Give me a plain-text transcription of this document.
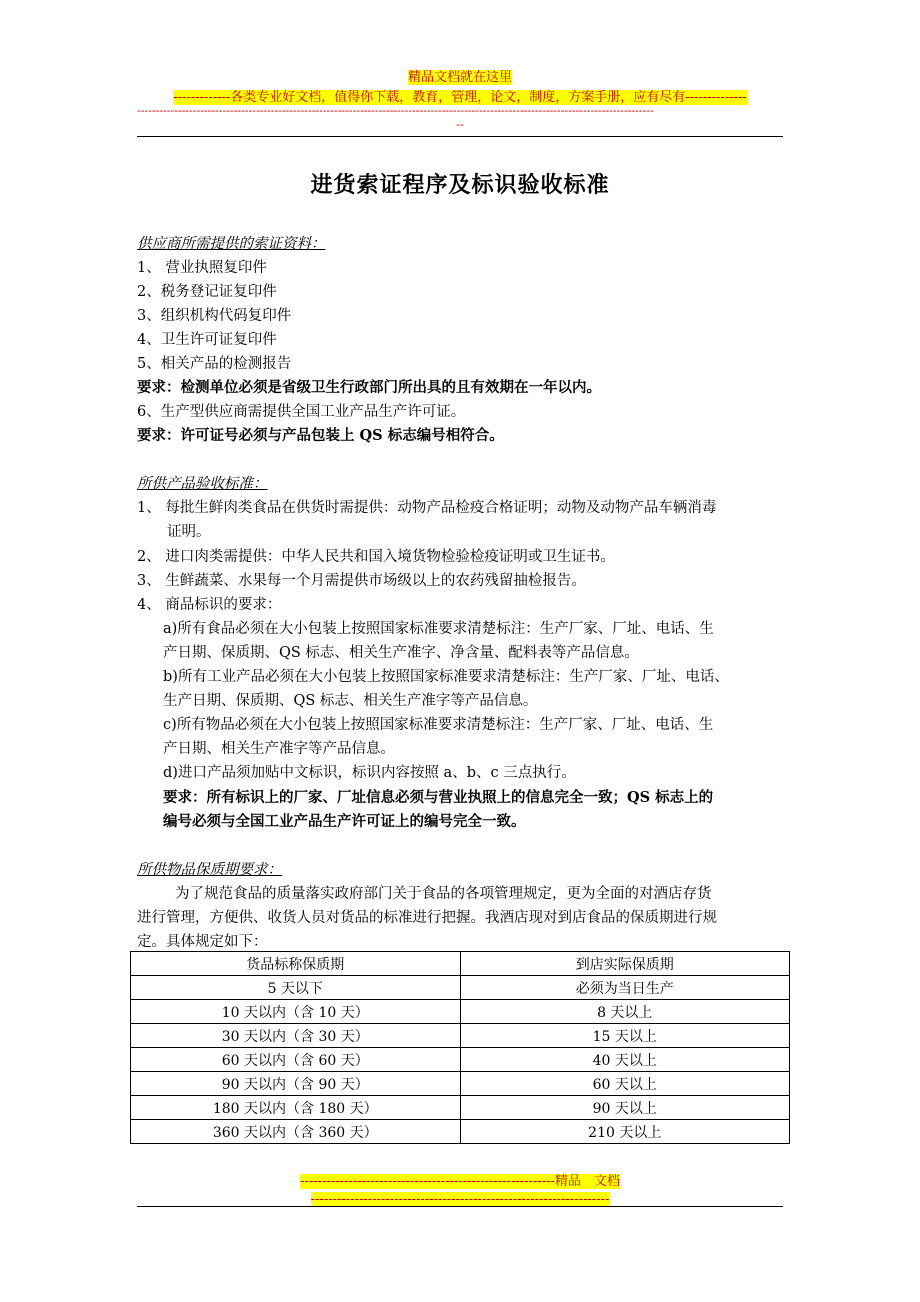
精品文档就在这里
-------------各类专业好文档，值得你下载，教育，管理，论文，制度，方案手册，应有尽有--------------
-------------------------------------------------------------------------------------------------------------------------------------------
--
进货索证程序及标识验收标准
供应商所需提供的索证资料：
1、 营业执照复印件
2、税务登记证复印件
3、组织机构代码复印件
4、卫生许可证复印件
5、相关产品的检测报告
要求：检测单位必须是省级卫生行政部门所出具的且有效期在一年以内。
6、生产型供应商需提供全国工业产品生产许可证。
要求：许可证号必须与产品包装上 QS 标志编号相符合。
所供产品验收标准：
1、 每批生鲜肉类食品在供货时需提供：动物产品检疫合格证明；动物及动物产品车辆消毒
证明。
2、 进口肉类需提供：中华人民共和国入境货物检验检疫证明或卫生证书。
3、 生鲜蔬菜、水果每一个月需提供市场级以上的农药残留抽检报告。
4、 商品标识的要求：
a)所有食品必须在大小包装上按照国家标准要求清楚标注：生产厂家、厂址、电话、生
产日期、保质期、QS 标志、相关生产准字、净含量、配料表等产品信息。
b)所有工业产品必须在大小包装上按照国家标准要求清楚标注：生产厂家、厂址、电话、
生产日期、保质期、QS 标志、相关生产准字等产品信息。
c)所有物品必须在大小包装上按照国家标准要求清楚标注：生产厂家、厂址、电话、生
产日期、相关生产准字等产品信息。
d)进口产品须加贴中文标识，标识内容按照 a、b、c 三点执行。
要求：所有标识上的厂家、厂址信息必须与营业执照上的信息完全一致；QS 标志上的
编号必须与全国工业产品生产许可证上的编号完全一致。
所供物品保质期要求：
为了规范食品的质量落实政府部门关于食品的各项管理规定，更为全面的对酒店存货
进行管理，方便供、收货人员对货品的标准进行把握。我酒店现对到店食品的保质期进行规
定。具体规定如下：
货品标称保质期	到店实际保质期
5 天以下	必须为当日生产
10 天以内（含 10 天）	8 天以上
30 天以内（含 30 天）	15 天以上
60 天以内（含 60 天）	40 天以上
90 天以内（含 90 天）	60 天以上
180 天以内（含 180 天）	90 天以上
360 天以内（含 360 天）	210 天以上
----------------------------------------------------------精品　文档
--------------------------------------------------------------------
